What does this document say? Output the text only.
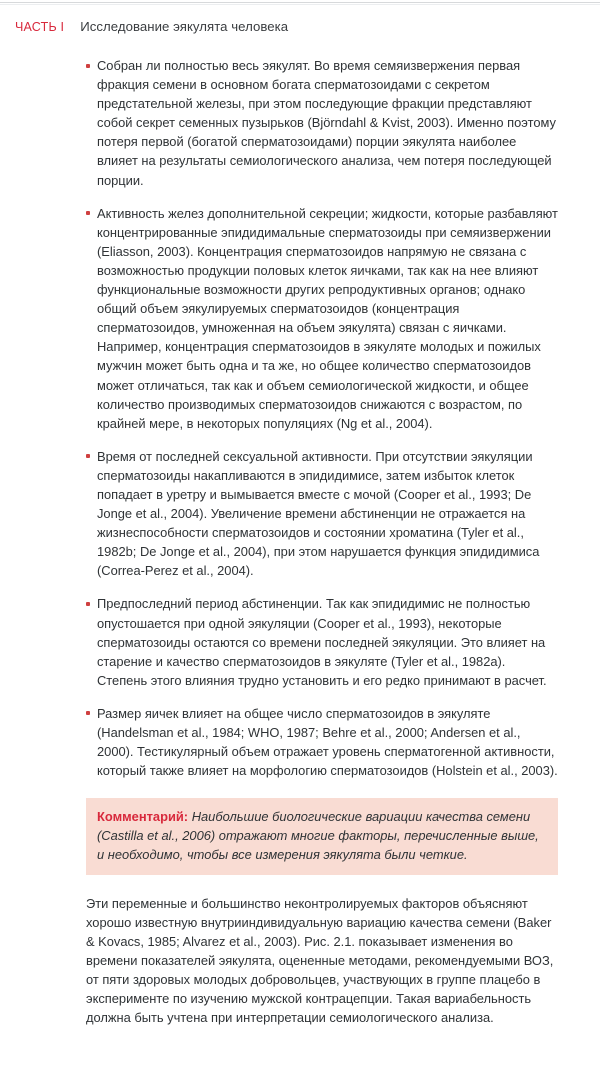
ЧАСТЬ I Исследование эякулята человека
Собран ли полностью весь эякулят. Во время семяизвержения первая фракция семени в основном богата сперматозоидами с секретом предстательной железы, при этом последующие фракции представляют собой секрет семенных пузырьков (Björndahl & Kvist, 2003). Именно поэтому потеря первой (богатой сперматозоидами) порции эякулята наиболее влияет на результаты семиологического анализа, чем потеря последующей порции.
Активность желез дополнительной секреции; жидкости, которые разбавляют концентрированные эпидидимальные сперматозоиды при семяизвержении (Eliasson, 2003). Концентрация сперматозоидов напрямую не связана с возможностью продукции половых клеток яичками, так как на нее влияют функциональные возможности других репродуктивных органов; однако общий объем эякулируемых сперматозоидов (концентрация сперматозоидов, умноженная на объем эякулята) связан с яичками. Например, концентрация сперматозоидов в эякуляте молодых и пожилых мужчин может быть одна и та же, но общее количество сперматозоидов может отличаться, так как и объем семиологической жидкости, и общее количество производимых сперматозоидов снижаются с возрастом, по крайней мере, в некоторых популяциях (Ng et al., 2004).
Время от последней сексуальной активности. При отсутствии эякуляции сперматозоиды накапливаются в эпидидимисе, затем избыток клеток попадает в уретру и вымывается вместе с мочой (Cooper et al., 1993; De Jonge et al., 2004). Увеличение времени абстиненции не отражается на жизнеспособности сперматозоидов и состоянии хроматина (Tyler et al., 1982b; De Jonge et al., 2004), при этом нарушается функция эпидидимиса (Correa-Perez et al., 2004).
Предпоследний период абстиненции. Так как эпидидимис не полностью опустошается при одной эякуляции (Cooper et al., 1993), некоторые сперматозоиды остаются со времени последней эякуляции. Это влияет на старение и качество сперматозоидов в эякуляте (Tyler et al., 1982a). Степень этого влияния трудно установить и его редко принимают в расчет.
Размер яичек влияет на общее число сперматозоидов в эякуляте (Handelsman et al., 1984; WHO, 1987; Behre et al., 2000; Andersen et al., 2000). Тестикулярный объем отражает уровень сперматогенной активности, который также влияет на морфологию сперматозоидов (Holstein et al., 2003).
Комментарий: Наибольшие биологические вариации качества семени (Castilla et al., 2006) отражают многие факторы, перечисленные выше, и необходимо, чтобы все измерения эякулята были четкие.

Эти переменные и большинство неконтролируемых факторов объясняют хорошо известную внутрииндивидуальную вариацию качества семени (Baker & Kovacs, 1985; Alvarez et al., 2003). Рис. 2.1. показывает изменения во времени показателей эякулята, оцененные методами, рекомендуемыми ВОЗ, от пяти здоровых молодых добровольцев, участвующих в группе плацебо в эксперименте по изучению мужской контрацепции. Такая вариабельность должна быть учтена при интерпретации семиологического анализа.
